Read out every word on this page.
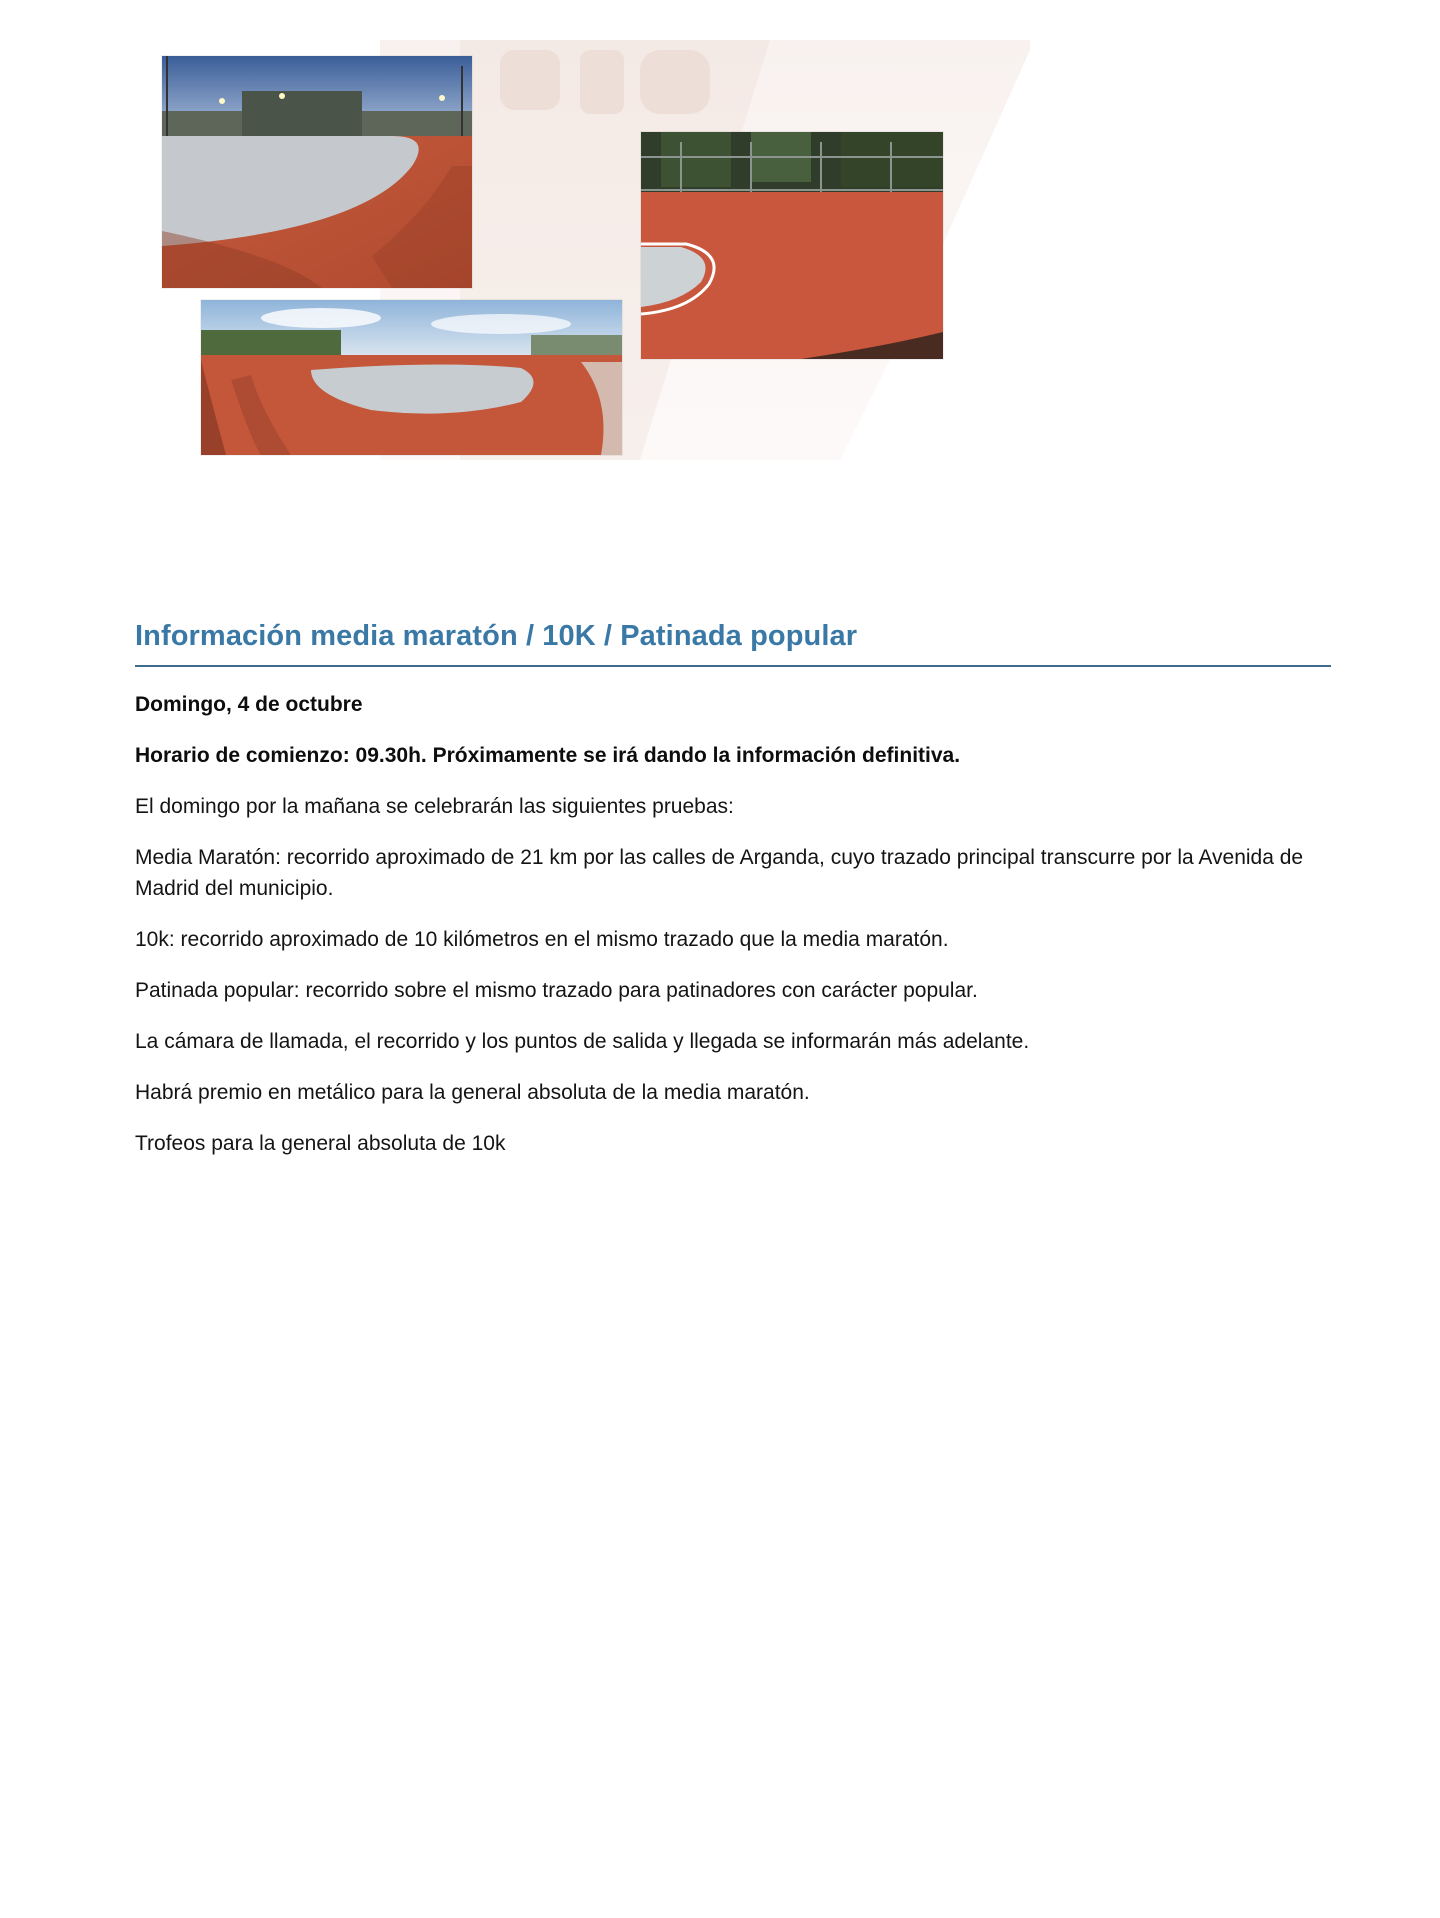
Información media maratón / 10K / Patinada popular

Domingo, 4 de octubre

Horario de comienzo: 09.30h. Próximamente se irá dando la información definitiva.

El domingo por la mañana se celebrarán las siguientes pruebas:

Media Maratón: recorrido aproximado de 21 km por las calles de Arganda, cuyo trazado principal transcurre por la Avenida de Madrid del municipio.

10k: recorrido aproximado de 10 kilómetros en el mismo trazado que la media maratón.

Patinada popular: recorrido sobre el mismo trazado para patinadores con carácter popular.

La cámara de llamada, el recorrido y los puntos de salida y llegada se informarán más adelante.

Habrá premio en metálico para la general absoluta de la media maratón.

Trofeos para la general absoluta de 10k
